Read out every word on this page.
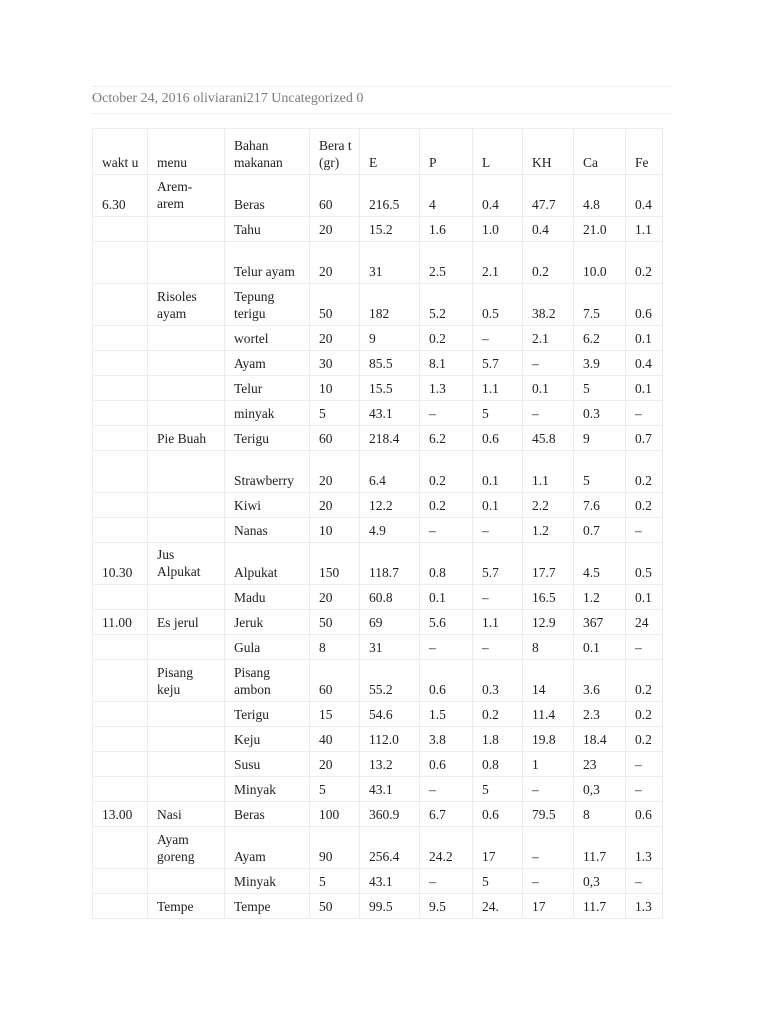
October 24, 2016 oliviarani217 Uncategorized 0
wakt u	menu	Bahan makanan	Bera t (gr)	E	P	L	KH	Ca	Fe
6.30	Arem-arem	Beras	60	216.5	4	0.4	47.7	4.8	0.4
		Tahu	20	15.2	1.6	1.0	0.4	21.0	1.1
		Telur ayam	20	31	2.5	2.1	0.2	10.0	0.2
	Risoles ayam	Tepung terigu	50	182	5.2	0.5	38.2	7.5	0.6
		wortel	20	9	0.2	–	2.1	6.2	0.1
		Ayam	30	85.5	8.1	5.7	–	3.9	0.4
		Telur	10	15.5	1.3	1.1	0.1	5	0.1
		minyak	5	43.1	–	5	–	0.3	–
	Pie Buah	Terigu	60	218.4	6.2	0.6	45.8	9	0.7
		Strawberry	20	6.4	0.2	0.1	1.1	5	0.2
		Kiwi	20	12.2	0.2	0.1	2.2	7.6	0.2
		Nanas	10	4.9	–	–	1.2	0.7	–
10.30	Jus Alpukat	Alpukat	150	118.7	0.8	5.7	17.7	4.5	0.5
		Madu	20	60.8	0.1	–	16.5	1.2	0.1
11.00	Es jerul	Jeruk	50	69	5.6	1.1	12.9	367	24
		Gula	8	31	–	–	8	0.1	–
	Pisang keju	Pisang ambon	60	55.2	0.6	0.3	14	3.6	0.2
		Terigu	15	54.6	1.5	0.2	11.4	2.3	0.2
		Keju	40	112.0	3.8	1.8	19.8	18.4	0.2
		Susu	20	13.2	0.6	0.8	1	23	–
		Minyak	5	43.1	–	5	–	0,3	–
13.00	Nasi	Beras	100	360.9	6.7	0.6	79.5	8	0.6
	Ayam goreng	Ayam	90	256.4	24.2	17	–	11.7	1.3
		Minyak	5	43.1	–	5	–	0,3	–
	Tempe	Tempe	50	99.5	9.5	24.	17	11.7	1.3
